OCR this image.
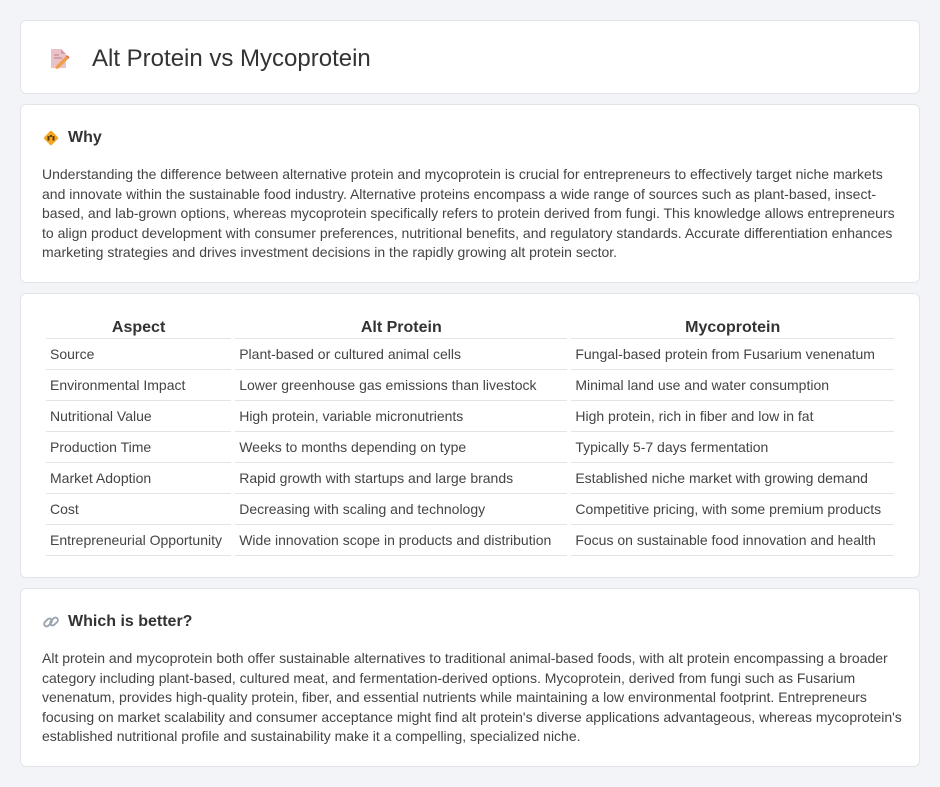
Alt Protein vs Mycoprotein
Why

Understanding the difference between alternative protein and mycoprotein is crucial for entrepreneurs to effectively target niche markets and innovate within the sustainable food industry. Alternative proteins encompass a wide range of sources such as plant-based, insect-based, and lab-grown options, whereas mycoprotein specifically refers to protein derived from fungi. This knowledge allows entrepreneurs to align product development with consumer preferences, nutritional benefits, and regulatory standards. Accurate differentiation enhances marketing strategies and drives investment decisions in the rapidly growing alt protein sector.

Aspect	Alt Protein	Mycoprotein
Source	Plant-based or cultured animal cells	Fungal-based protein from Fusarium venenatum
Environmental Impact	Lower greenhouse gas emissions than livestock	Minimal land use and water consumption
Nutritional Value	High protein, variable micronutrients	High protein, rich in fiber and low in fat
Production Time	Weeks to months depending on type	Typically 5-7 days fermentation
Market Adoption	Rapid growth with startups and large brands	Established niche market with growing demand
Cost	Decreasing with scaling and technology	Competitive pricing, with some premium products
Entrepreneurial Opportunity	Wide innovation scope in products and distribution	Focus on sustainable food innovation and health
Which is better?

Alt protein and mycoprotein both offer sustainable alternatives to traditional animal-based foods, with alt protein encompassing a broader category including plant-based, cultured meat, and fermentation-derived options. Mycoprotein, derived from fungi such as Fusarium venenatum, provides high-quality protein, fiber, and essential nutrients while maintaining a low environmental footprint. Entrepreneurs focusing on market scalability and consumer acceptance might find alt protein's diverse applications advantageous, whereas mycoprotein's established nutritional profile and sustainability make it a compelling, specialized niche.
